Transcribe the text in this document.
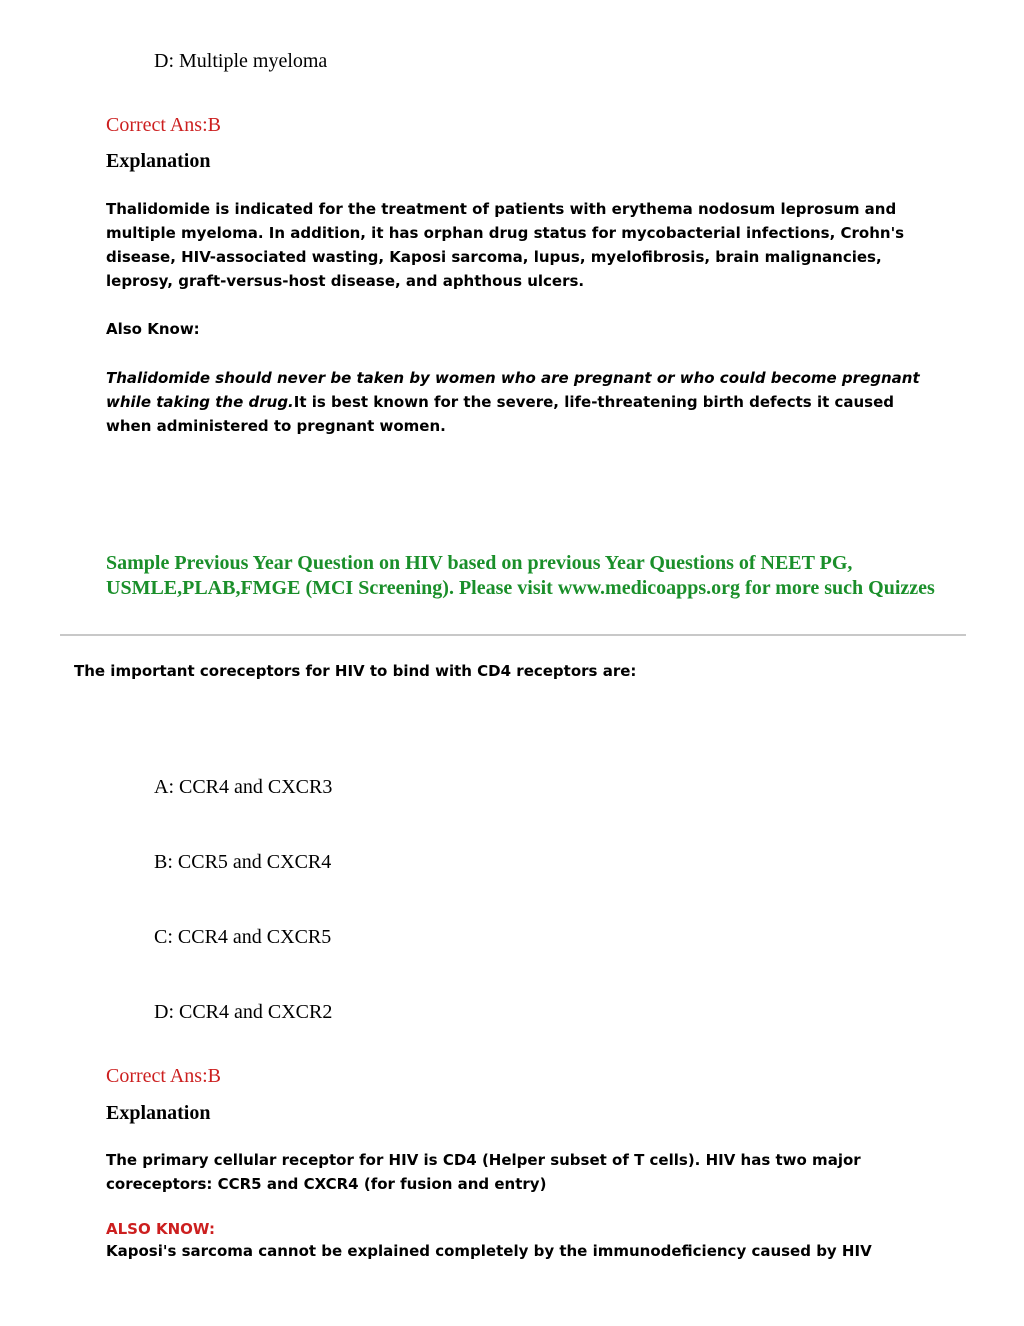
D: Multiple myeloma
Correct Ans:B
Explanation
Thalidomide is indicated for the treatment of patients with erythema nodosum leprosum and multiple myeloma. In addition, it has orphan drug status for mycobacterial infections, Crohn's disease, HIV-associated wasting, Kaposi sarcoma, lupus, myelofibrosis, brain malignancies, leprosy, graft-versus-host disease, and aphthous ulcers.
Also Know:
Thalidomide should never be taken by women who are pregnant or who could become pregnant while taking the drug.It is best known for the severe, life-threatening birth defects it caused when administered to pregnant women.
Sample Previous Year Question on HIV based on previous Year Questions of NEET PG, USMLE,PLAB,FMGE (MCI Screening). Please visit www.medicoapps.org for more such Quizzes
The important coreceptors for HIV to bind with CD4 receptors are:
A: CCR4 and CXCR3
B: CCR5 and CXCR4
C: CCR4 and CXCR5
D: CCR4 and CXCR2
Correct Ans:B
Explanation
The primary cellular receptor for HIV is CD4 (Helper subset of T cells). HIV has two major coreceptors: CCR5 and CXCR4 (for fusion and entry)
ALSO KNOW:
Kaposi's sarcoma cannot be explained completely by the immunodeficiency caused by HIV
